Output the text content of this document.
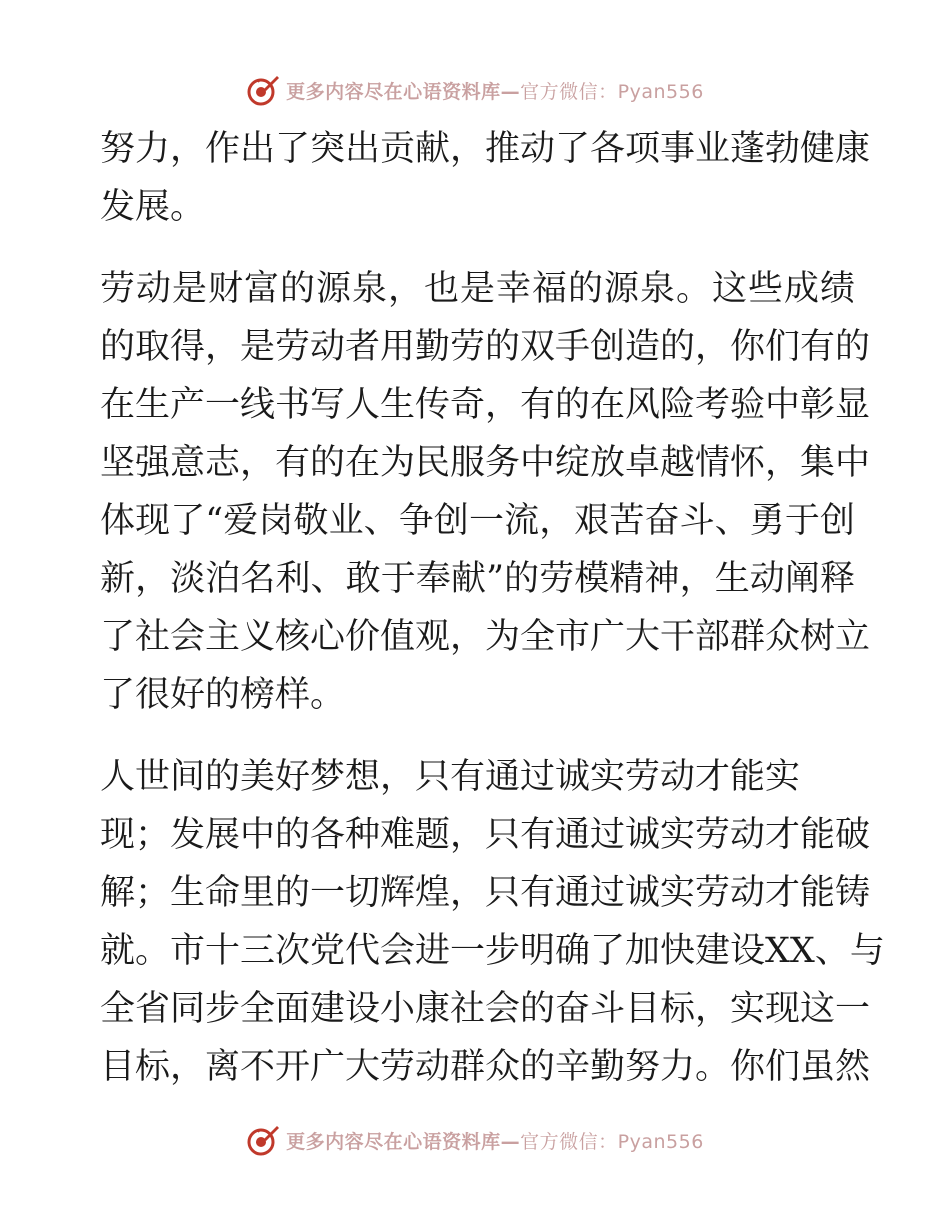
更多内容尽在心语资料库—官方微信：Pyan556
努力，作出了突出贡献，推动了各项事业蓬勃健康
发展。
劳动是财富的源泉，也是幸福的源泉。这些成绩
的取得，是劳动者用勤劳的双手创造的，你们有的
在生产一线书写人生传奇，有的在风险考验中彰显
坚强意志，有的在为民服务中绽放卓越情怀，集中
体现了“爱岗敬业、争创一流，艰苦奋斗、勇于创
新，淡泊名利、敢于奉献”的劳模精神，生动阐释
了社会主义核心价值观，为全市广大干部群众树立
了很好的榜样。
人世间的美好梦想，只有通过诚实劳动才能实
现；发展中的各种难题，只有通过诚实劳动才能破
解；生命里的一切辉煌，只有通过诚实劳动才能铸
就。市十三次党代会进一步明确了加快建设XX、与
全省同步全面建设小康社会的奋斗目标，实现这一
目标，离不开广大劳动群众的辛勤努力。你们虽然
更多内容尽在心语资料库—官方微信：Pyan556
